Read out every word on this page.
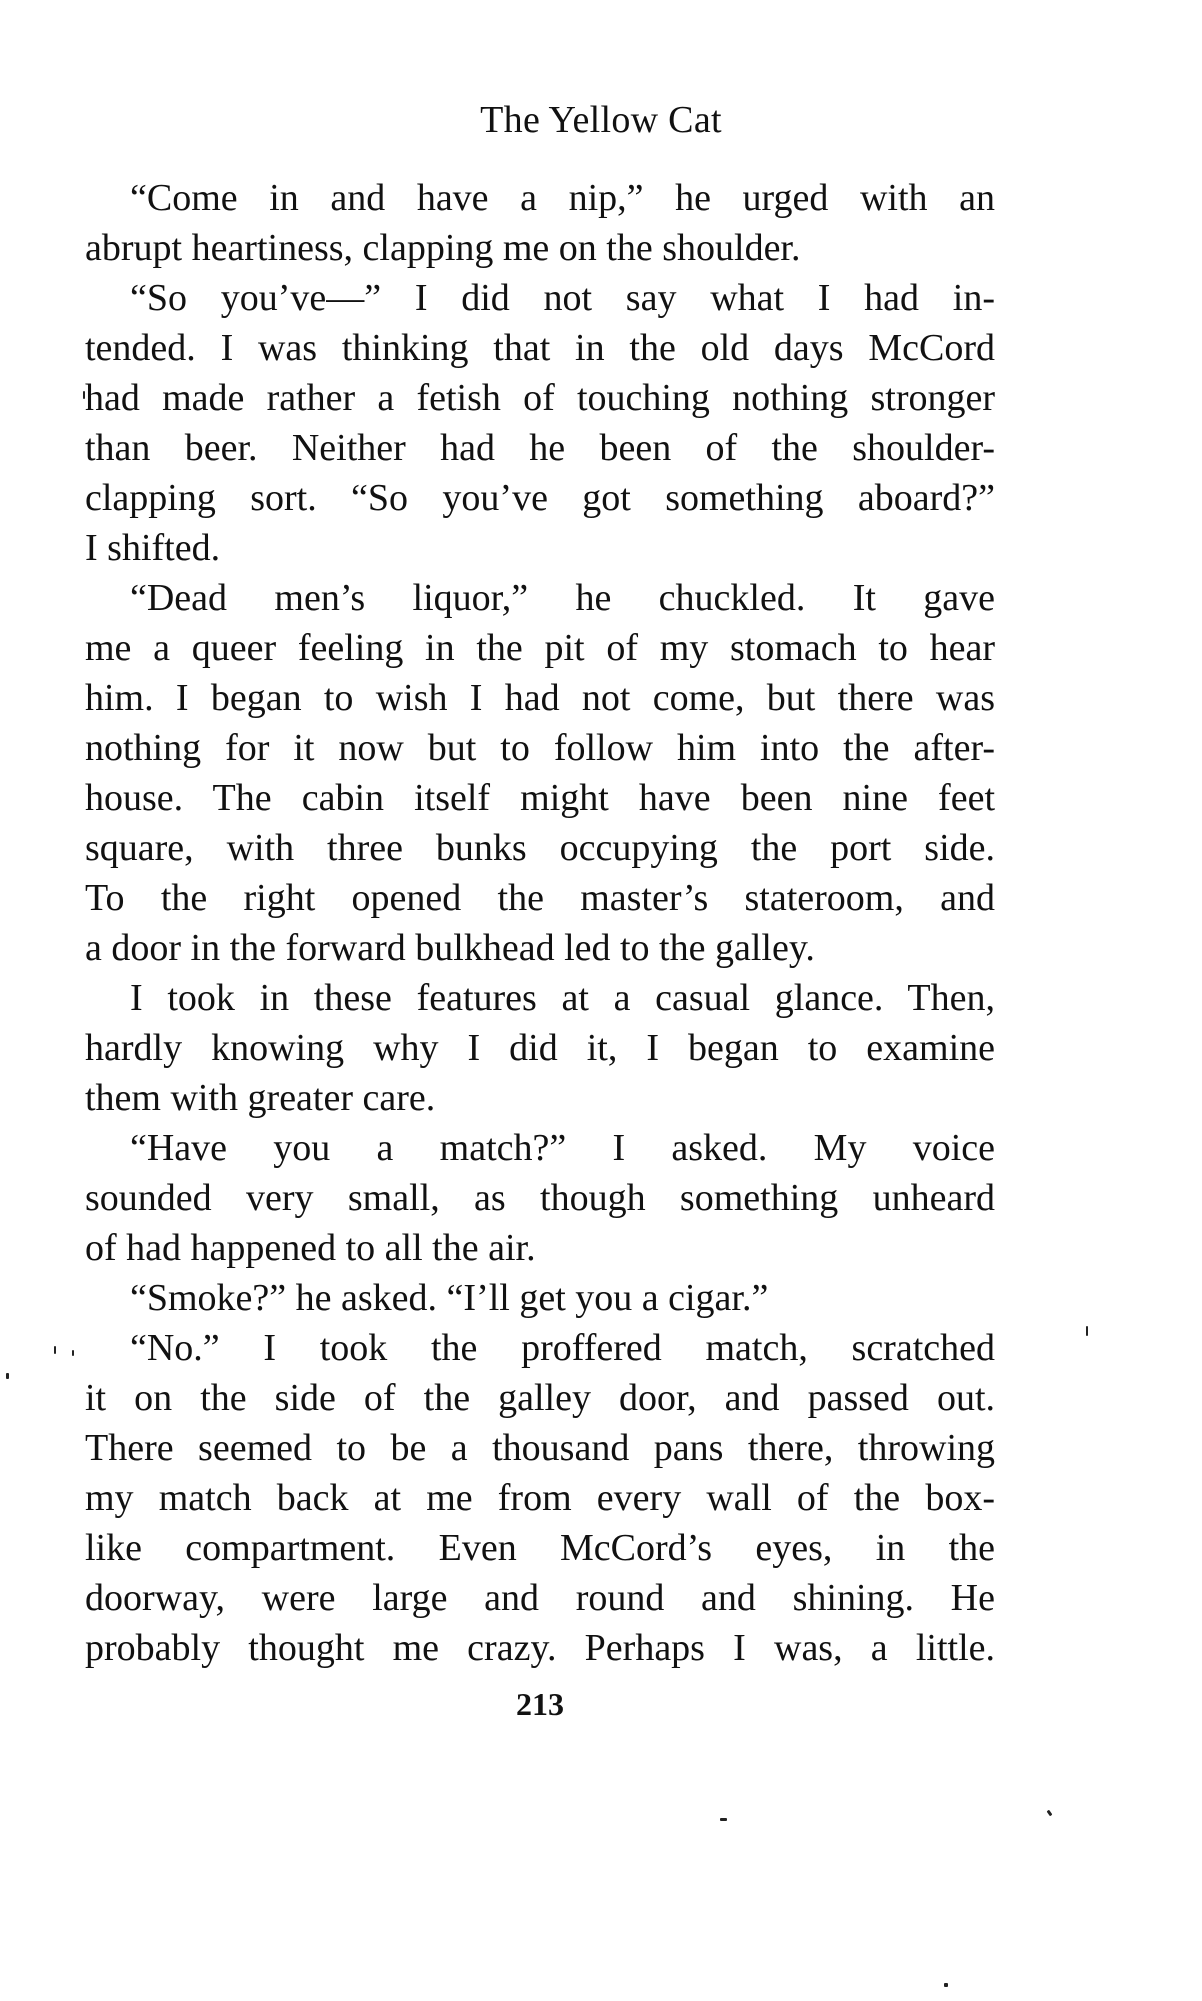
The Yellow Cat
“Come in and have a nip,” he urged with an
abrupt heartiness, clapping me on the shoulder.
“So you’ve—” I did not say what I had in-
tended. I was thinking that in the old days McCord
had made rather a fetish of touching nothing stronger
than beer. Neither had he been of the shoulder-
clapping sort. “So you’ve got something aboard?”
I shifted.
“Dead men’s liquor,” he chuckled. It gave
me a queer feeling in the pit of my stomach to hear
him. I began to wish I had not come, but there was
nothing for it now but to follow him into the after-
house. The cabin itself might have been nine feet
square, with three bunks occupying the port side.
To the right opened the master’s stateroom, and
a door in the forward bulkhead led to the galley.
I took in these features at a casual glance. Then,
hardly knowing why I did it, I began to examine
them with greater care.
“Have you a match?” I asked. My voice
sounded very small, as though something unheard
of had happened to all the air.
“Smoke?” he asked. “I’ll get you a cigar.”
“No.” I took the proffered match, scratched
it on the side of the galley door, and passed out.
There seemed to be a thousand pans there, throwing
my match back at me from every wall of the box-
like compartment. Even McCord’s eyes, in the
doorway, were large and round and shining. He
probably thought me crazy. Perhaps I was, a little.
213
